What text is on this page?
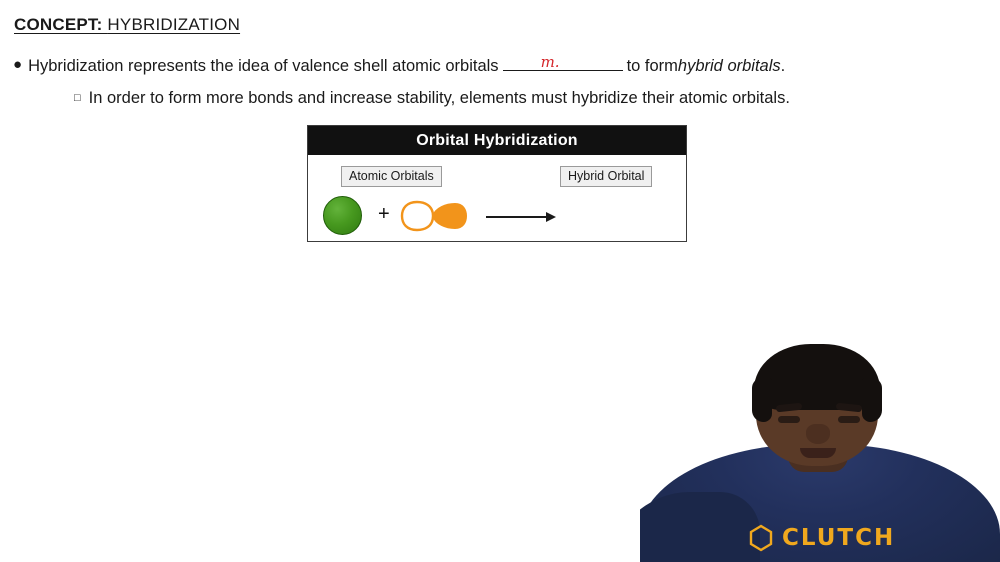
CONCEPT: HYBRIDIZATION
● Hybridization represents the idea of valence shell atomic orbitals	m.	to form hybrid orbitals .
□ In order to form more bonds and increase stability, elements must hybridize their atomic orbitals.
Orbital Hybridization
Atomic Orbitals	Hybrid Orbital
+
CLUTCH
